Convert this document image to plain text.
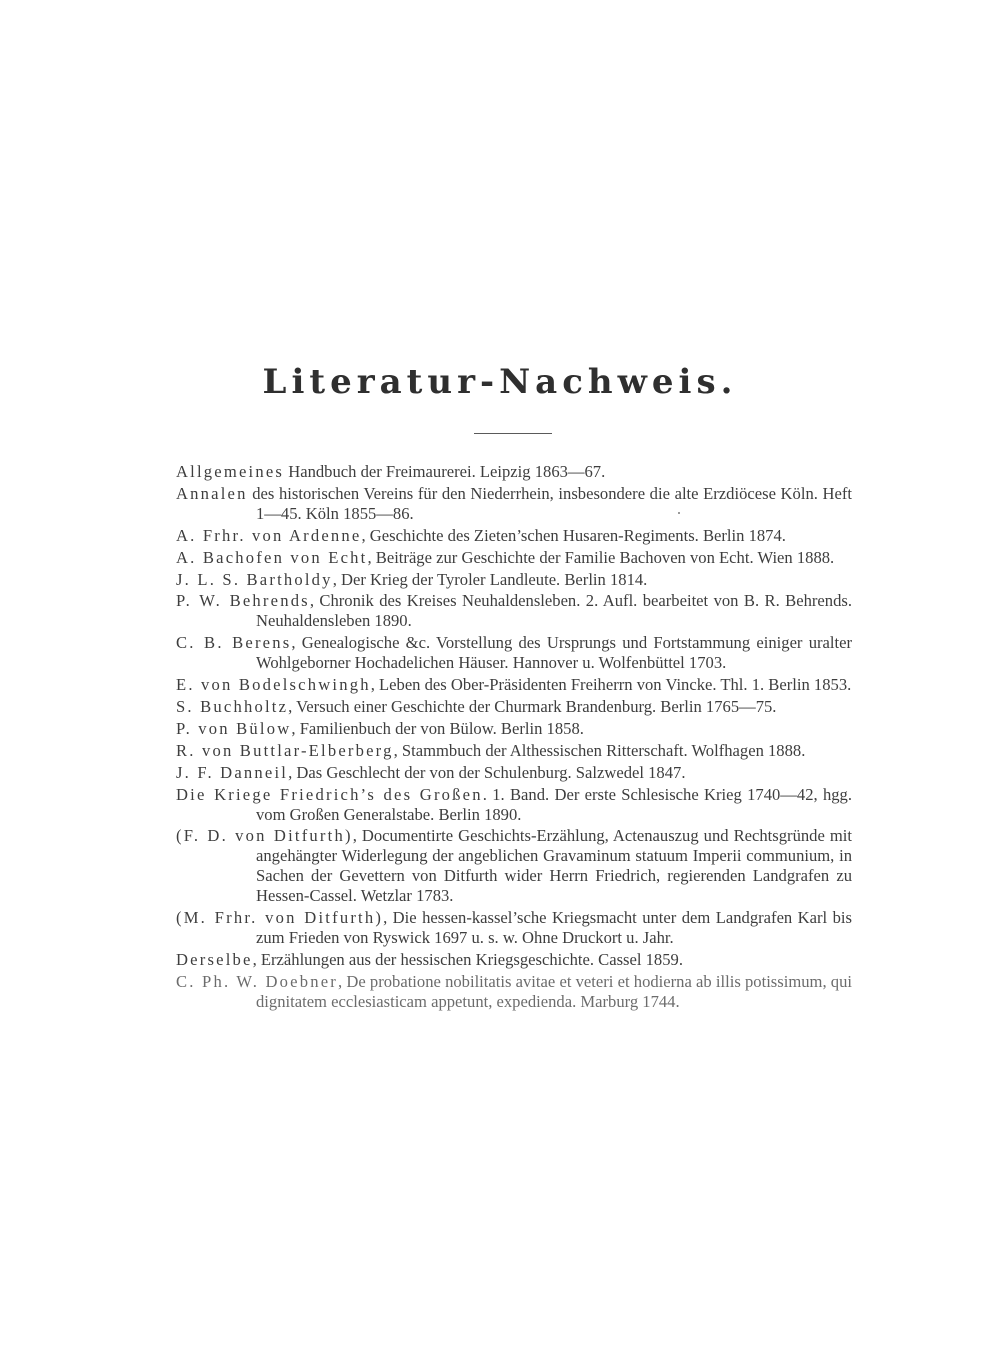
Literatur-Nachweis.
Allgemeines Handbuch der Freimaurerei. Leipzig 1863—67.
Annalen des historischen Vereins für den Niederrhein, insbesondere die alte Erzdiöcese Köln. Heft 1—45. Köln 1855—86.
A. Frhr. von Ardenne, Geschichte des Zieten’schen Husaren-Regiments. Berlin 1874.
A. Bachofen von Echt, Beiträge zur Geschichte der Familie Bachoven von Echt. Wien 1888.
J. L. S. Bartholdy, Der Krieg der Tyroler Landleute. Berlin 1814.
P. W. Behrends, Chronik des Kreises Neuhaldensleben. 2. Aufl. bearbeitet von B. R. Behrends. Neuhaldensleben 1890.
C. B. Berens, Genealogische &c. Vorstellung des Ursprungs und Fortstammung einiger uralter Wohlgeborner Hochadelichen Häuser. Hannover u. Wolfenbüttel 1703.
E. von Bodelschwingh, Leben des Ober-Präsidenten Freiherrn von Vincke. Thl. 1. Berlin 1853.
S. Buchholtz, Versuch einer Geschichte der Churmark Brandenburg. Berlin 1765—75.
P. von Bülow, Familienbuch der von Bülow. Berlin 1858.
R. von Buttlar-Elberberg, Stammbuch der Althessischen Ritterschaft. Wolfhagen 1888.
J. F. Danneil, Das Geschlecht der von der Schulenburg. Salzwedel 1847.
Die Kriege Friedrich’s des Großen. 1. Band. Der erste Schlesische Krieg 1740—42, hgg. vom Großen Generalstabe. Berlin 1890.
(F. D. von Ditfurth), Documentirte Geschichts-Erzählung, Actenauszug und Rechtsgründe mit angehängter Widerlegung der angeblichen Gravaminum statuum Imperii communium, in Sachen der Gevettern von Ditfurth wider Herrn Friedrich, regierenden Landgrafen zu Hessen-Cassel. Wetzlar 1783.
(M. Frhr. von Ditfurth), Die hessen-kassel’sche Kriegsmacht unter dem Landgrafen Karl bis zum Frieden von Ryswick 1697 u. s. w. Ohne Druckort u. Jahr.
Derselbe, Erzählungen aus der hessischen Kriegsgeschichte. Cassel 1859.
C. Ph. W. Doebner, De probatione nobilitatis avitae et veteri et hodierna ab illis potissimum, qui dignitatem ecclesiasticam appetunt, expedienda. Marburg 1744.
